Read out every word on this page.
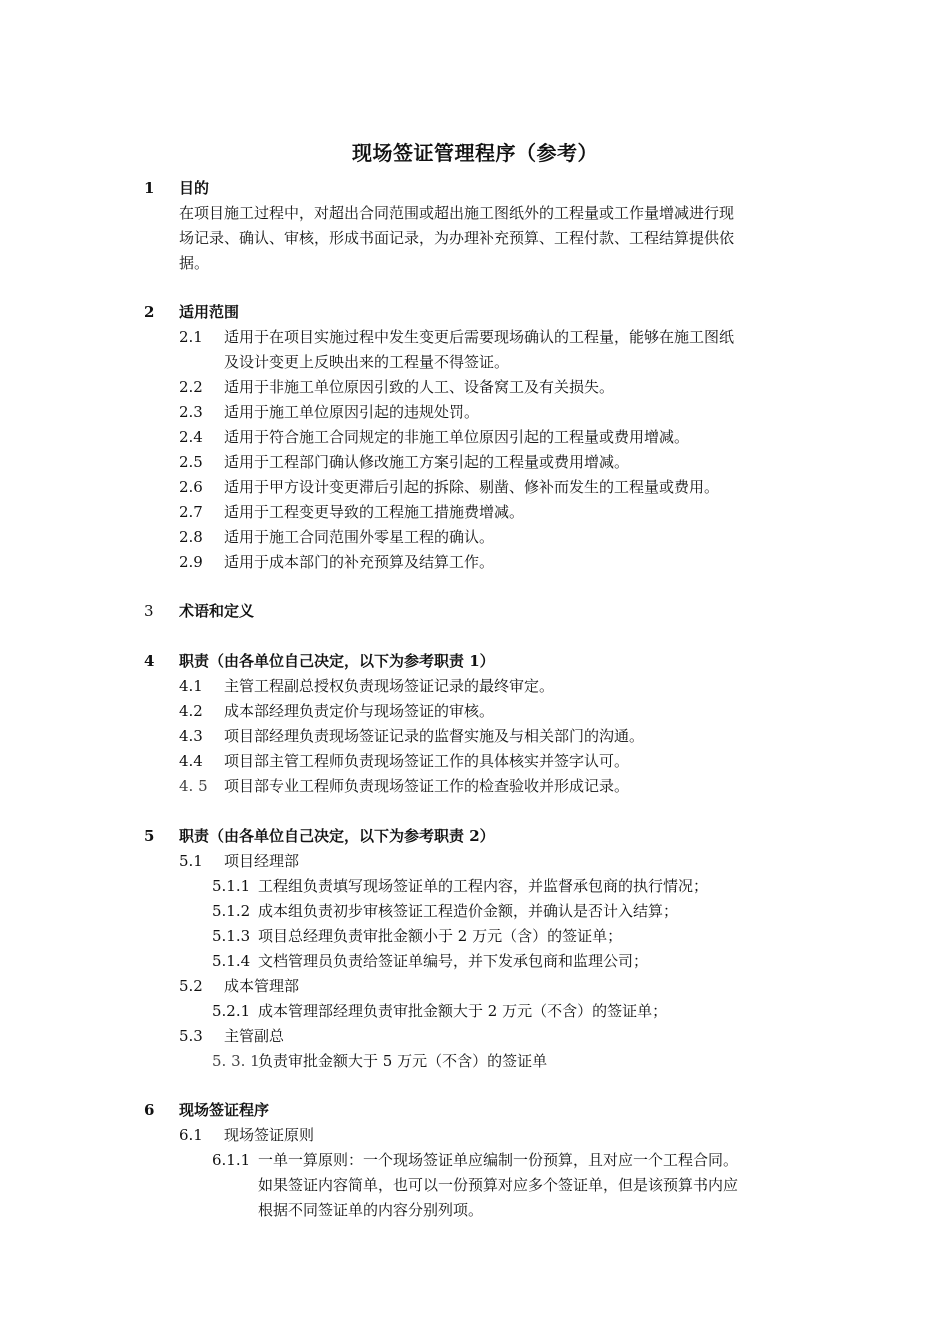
现场签证管理程序（参考）
1 目的
在项目施工过程中，对超出合同范围或超出施工图纸外的工程量或工作量增减进行现
场记录、确认、审核，形成书面记录，为办理补充预算、工程付款、工程结算提供依
据。
2 适用范围
2.1 适用于在项目实施过程中发生变更后需要现场确认的工程量，能够在施工图纸
及设计变更上反映出来的工程量不得签证。
2.2 适用于非施工单位原因引致的人工、设备窝工及有关损失。
2.3 适用于施工单位原因引起的违规处罚。
2.4 适用于符合施工合同规定的非施工单位原因引起的工程量或费用增减。
2.5 适用于工程部门确认修改施工方案引起的工程量或费用增减。
2.6 适用于甲方设计变更滞后引起的拆除、剔凿、修补而发生的工程量或费用。
2.7 适用于工程变更导致的工程施工措施费增减。
2.8 适用于施工合同范围外零星工程的确认。
2.9 适用于成本部门的补充预算及结算工作。
3 术语和定义
4 职责（由各单位自己决定，以下为参考职责 1）
4.1 主管工程副总授权负责现场签证记录的最终审定。
4.2 成本部经理负责定价与现场签证的审核。
4.3 项目部经理负责现场签证记录的监督实施及与相关部门的沟通。
4.4 项目部主管工程师负责现场签证工作的具体核实并签字认可。
4. 5 项目部专业工程师负责现场签证工作的检查验收并形成记录。
5 职责（由各单位自己决定，以下为参考职责 2）
5.1 项目经理部
5.1.1 工程组负责填写现场签证单的工程内容，并监督承包商的执行情况；
5.1.2 成本组负责初步审核签证工程造价金额，并确认是否计入结算；
5.1.3 项目总经理负责审批金额小于 2 万元（含）的签证单；
5.1.4 文档管理员负责给签证单编号，并下发承包商和监理公司；
5.2 成本管理部
5.2.1 成本管理部经理负责审批金额大于 2 万元（不含）的签证单；
5.3 主管副总
5. 3. 1
负责审批金额大于 5 万元（不含）的签证单
6 现场签证程序
6.1 现场签证原则
6.1.1 一单一算原则：一个现场签证单应编制一份预算，且对应一个工程合同。
如果签证内容简单，也可以一份预算对应多个签证单，但是该预算书内应
根据不同签证单的内容分别列项。
